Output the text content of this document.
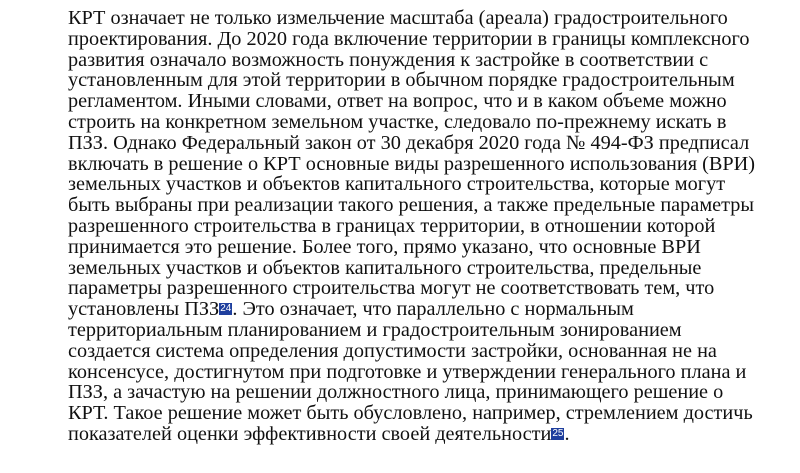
КРТ означает не только измельчение масштаба (ареала) градостроительного проектирования. До 2020 года включение территории в границы комплексного развития означало возможность понуждения к застройке в соответствии с установленным для этой территории в обычном порядке градостроительным регламентом. Иными словами, ответ на вопрос, что и в каком объеме можно строить на конкретном земельном участке, следовало по-прежнему искать в ПЗЗ. Однако Федеральный закон от 30 декабря 2020 года № 494-ФЗ предписал включать в решение о КРТ основные виды разрешенного использования (ВРИ) земельных участков и объектов капитального строительства, которые могут быть выбраны при реализации такого решения, а также предельные параметры разрешенного строительства в границах территории, в отношении которой принимается это решение. Более того, прямо указано, что основные ВРИ земельных участков и объектов капитального строительства, предельные параметры разрешенного строительства могут не соответствовать тем, что установлены ПЗЗ24. Это означает, что параллельно с нормальным территориальным планированием и градостроительным зонированием создается система определения допустимости застройки, основанная не на консенсусе, достигнутом при подготовке и утверждении генерального плана и ПЗЗ, а зачастую на решении должностного лица, принимающего решение о КРТ. Такое решение может быть обусловлено, например, стремлением достичь показателей оценки эффективности своей деятельности25.
